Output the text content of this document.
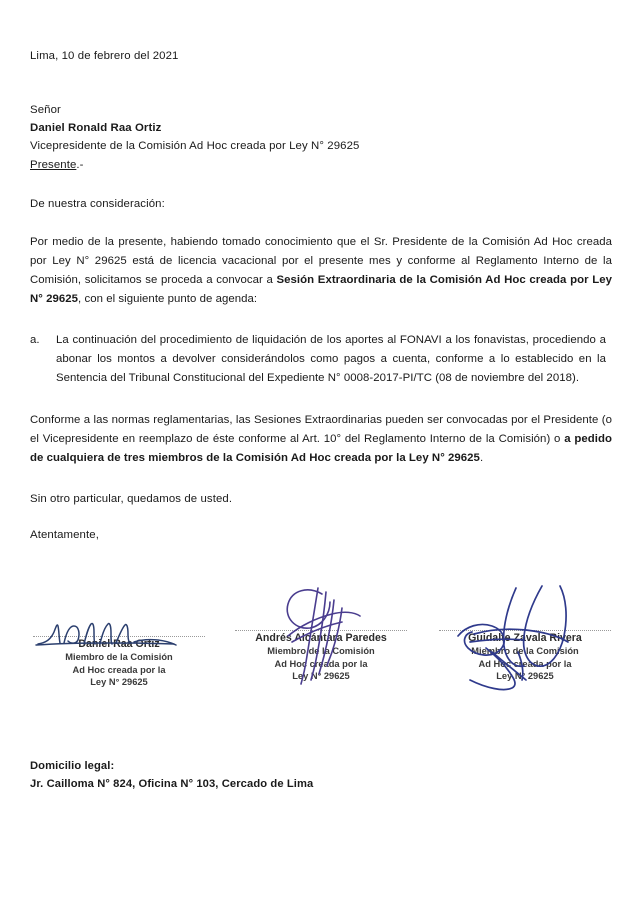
Lima, 10 de febrero del 2021
Señor
Daniel Ronald Raa Ortiz
Vicepresidente de la Comisión Ad Hoc creada por Ley N° 29625
Presente.-
De nuestra consideración:

Por medio de la presente, habiendo tomado conocimiento que el Sr. Presidente de la Comisión Ad Hoc creada por Ley N° 29625 está de licencia vacacional por el presente mes y conforme al Reglamento Interno de la Comisión, solicitamos se proceda a convocar a Sesión Extraordinaria de la Comisión Ad Hoc creada por Ley N° 29625, con el siguiente punto de agenda:

a.	La continuación del procedimiento de liquidación de los aportes al FONAVI a los fonavistas, procediendo a abonar los montos a devolver considerándolos como pagos a cuenta, conforme a lo establecido en la Sentencia del Tribunal Constitucional del Expediente N° 0008-2017-PI/TC (08 de noviembre del 2018).

Conforme a las normas reglamentarias, las Sesiones Extraordinarias pueden ser convocadas por el Presidente (o el Vicepresidente en reemplazo de éste conforme al Art. 10° del Reglamento Interno de la Comisión) o a pedido de cualquiera de tres miembros de la Comisión Ad Hoc creada por la Ley N° 29625.

Sin otro particular, quedamos de usted.
Atentamente,
Daniel Raa Ortiz
Miembro de la Comisión
Ad Hoc creada por la
Ley N° 29625
Andrés Alcántara Paredes
Miembro de la Comisión
Ad Hoc creada por la
Ley N° 29625
Guidalte Zavala Rivera
Miembro de la Comisión
Ad Hoc creada por la
Ley N° 29625
Domicilio legal:
Jr. Cailloma N° 824, Oficina N° 103, Cercado de Lima
